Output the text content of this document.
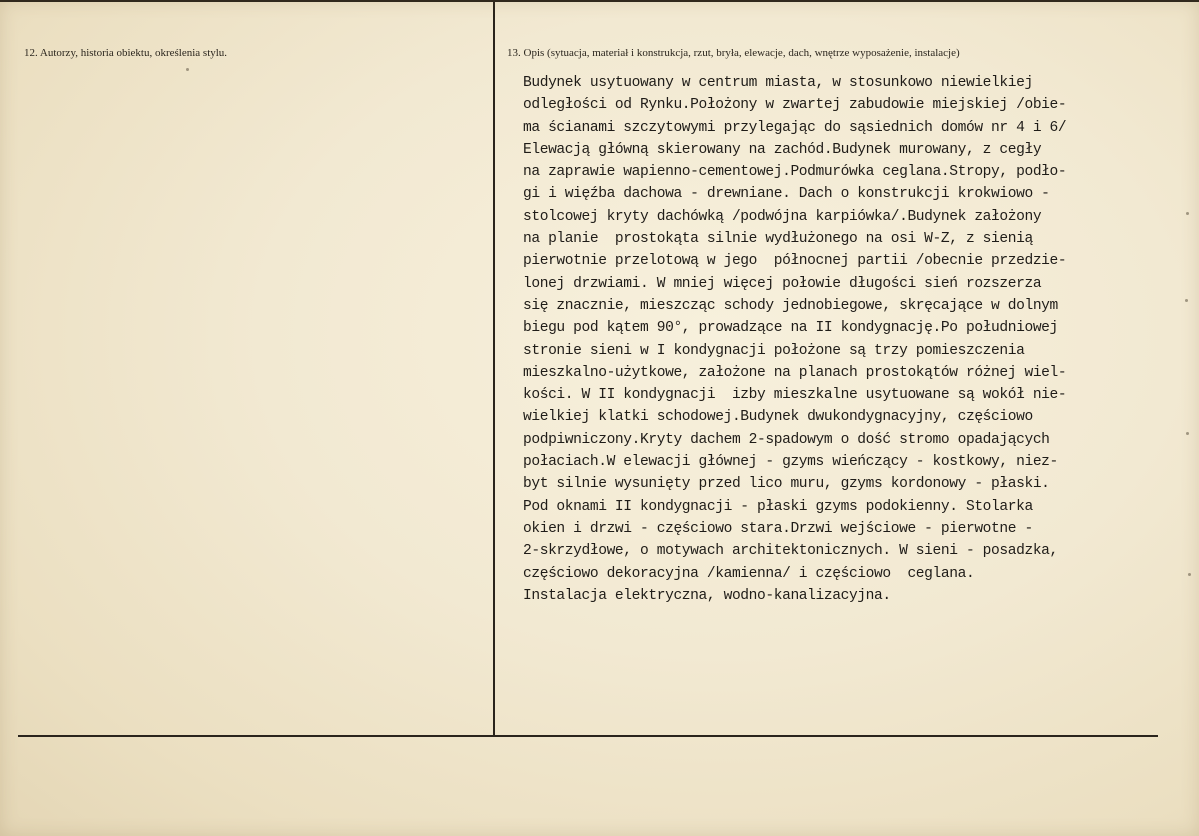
12. Autorzy, historia obiektu, określenia stylu.	13. Opis (sytuacja, materiał i konstrukcja, rzut, bryła, elewacje, dach, wnętrze wyposażenie, instalacje)
Budynek usytuowany w centrum miasta, w stosunkowo niewielkiej
odległości od Rynku.Położony w zwartej zabudowie miejskiej /obie-
ma ścianami szczytowymi przylegając do sąsiednich domów nr 4 i 6/
Elewacją główną skierowany na zachód.Budynek murowany, z cegły
na zaprawie wapienno-cementowej.Podmurówka ceglana.Stropy, podło-
gi i więźba dachowa - drewniane. Dach o konstrukcji krokwiowo -
stolcowej kryty dachówką /podwójna karpiówka/.Budynek założony
na planie  prostokąta silnie wydłużonego na osi W-Z, z sienią
pierwotnie przelotową w jego  północnej partii /obecnie przedzie-
lonej drzwiami. W mniej więcej połowie długości sień rozszerza
się znacznie, mieszcząc schody jednobiegowe, skręcające w dolnym
biegu pod kątem 90°, prowadzące na II kondygnację.Po południowej
stronie sieni w I kondygnacji położone są trzy pomieszczenia
mieszkalno-użytkowe, założone na planach prostokątów różnej wiel-
kości. W II kondygnacji  izby mieszkalne usytuowane są wokół nie-
wielkiej klatki schodowej.Budynek dwukondygnacyjny, częściowo
podpiwniczony.Kryty dachem 2-spadowym o dość stromo opadających
połaciach.W elewacji głównej - gzyms wieńczący - kostkowy, niez-
byt silnie wysunięty przed lico muru, gzyms kordonowy - płaski.
Pod oknami II kondygnacji - płaski gzyms podokienny. Stolarka
okien i drzwi - częściowo stara.Drzwi wejściowe - pierwotne -
2-skrzydłowe, o motywach architektonicznych. W sieni - posadzka,
częściowo dekoracyjna /kamienna/ i częściowo  ceglana.
Instalacja elektryczna, wodno-kanalizacyjna.
